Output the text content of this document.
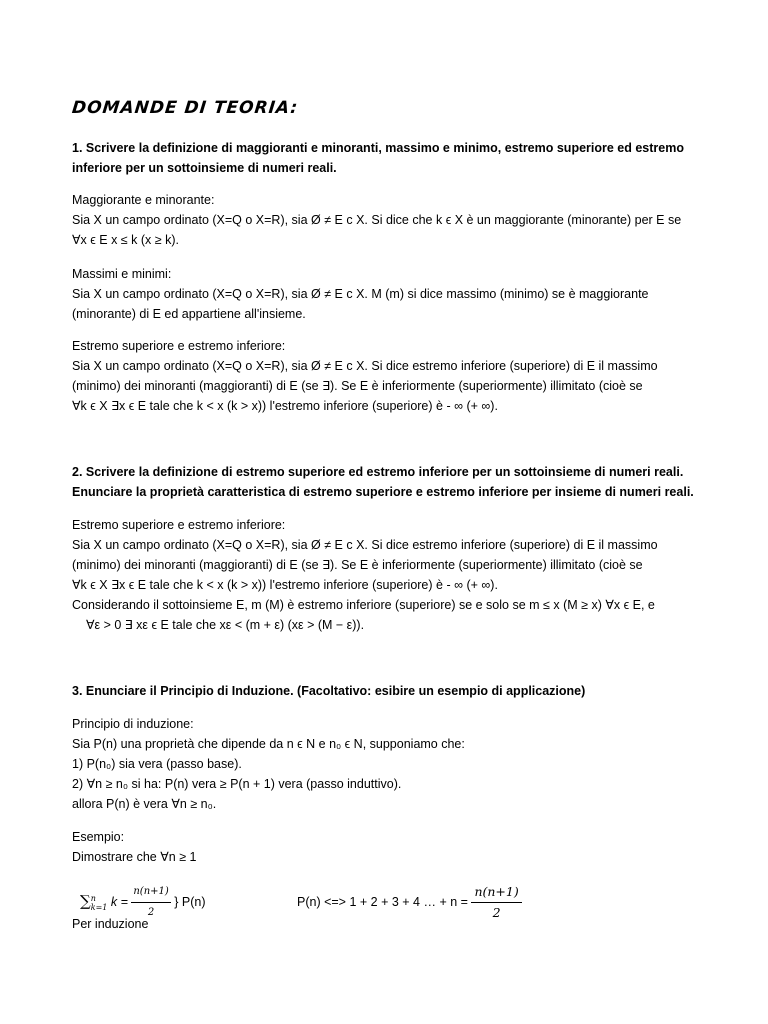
DOMANDE DI TEORIA:
1. Scrivere la definizione di maggioranti e minoranti, massimo e minimo, estremo superiore ed estremo
inferiore per un sottoinsieme di numeri reali.
Maggiorante e minorante:
Sia X un campo ordinato (X=Q o X=R), sia Ø ≠ E c X. Si dice che k ϵ X è un maggiorante (minorante) per E se
∀x ϵ E x ≤ k (x ≥ k).
Massimi e minimi:
Sia X un campo ordinato (X=Q o X=R), sia Ø ≠ E c X. M (m) si dice massimo (minimo) se è maggiorante
(minorante) di E ed appartiene all'insieme.
Estremo superiore e estremo inferiore:
Sia X un campo ordinato (X=Q o X=R), sia Ø ≠ E c X. Si dice estremo inferiore (superiore) di E il massimo
(minimo) dei minoranti (maggioranti) di E (se ∃). Se E è inferiormente (superiormente) illimitato (cioè se
∀k ϵ X ∃x ϵ E tale che k < x (k > x)) l'estremo inferiore (superiore) è - ∞ (+ ∞).
2. Scrivere la definizione di estremo superiore ed estremo inferiore per un sottoinsieme di numeri reali.
Enunciare la proprietà caratteristica di estremo superiore e estremo inferiore per insieme di numeri reali.
Estremo superiore e estremo inferiore:
Sia X un campo ordinato (X=Q o X=R), sia Ø ≠ E c X. Si dice estremo inferiore (superiore) di E il massimo
(minimo) dei minoranti (maggioranti) di E (se ∃). Se E è inferiormente (superiormente) illimitato (cioè se
∀k ϵ X ∃x ϵ E tale che k < x (k > x)) l'estremo inferiore (superiore) è - ∞ (+ ∞).
Considerando il sottoinsieme E, m (M) è estremo inferiore (superiore) se e solo se m ≤ x (M ≥ x) ∀x ϵ E, e
∀ε > 0 ∃ xε ϵ E tale che xε < (m + ε) (xε > (M − ε)).
3. Enunciare il Principio di Induzione. (Facoltativo: esibire un esempio di applicazione)
Principio di induzione:
Sia P(n) una proprietà che dipende da n ϵ N e n₀ ϵ N, supponiamo che:
1) P(n₀) sia vera (passo base).
2) ∀n ≥ n₀ si ha: P(n) vera ≥ P(n + 1) vera (passo induttivo).
allora P(n) è vera ∀n ≥ n₀.
Esempio:
Dimostrare che ∀n ≥ 1
∑ n
k=1 $k = \frac{n(n+1)}{2}$ } P(n)	P(n) <=> 1 + 2 + 3 + 4 … + $n = \frac{n(n+1)}{2}$
Per induzione
